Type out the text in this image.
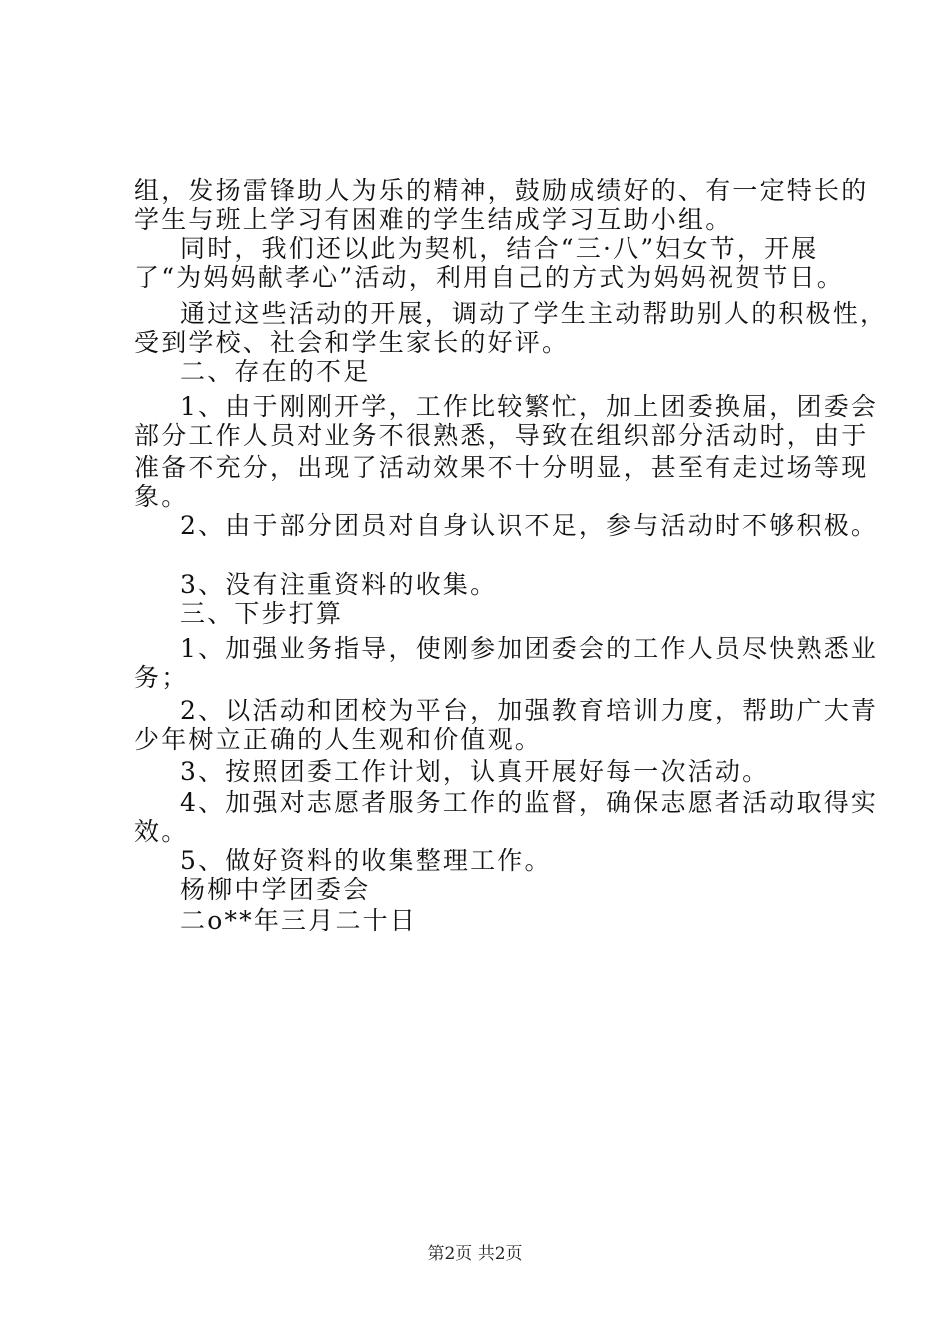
组，发扬雷锋助人为乐的精神，鼓励成绩好的、有一定特长的
学生与班上学习有困难的学生结成学习互助小组。
同时，我们还以此为契机，结合“三·八”妇女节，开展
了“为妈妈献孝心”活动，利用自己的方式为妈妈祝贺节日。
通过这些活动的开展，调动了学生主动帮助别人的积极性，
受到学校、社会和学生家长的好评。
二、存在的不足
1、由于刚刚开学，工作比较繁忙，加上团委换届，团委会
部分工作人员对业务不很熟悉，导致在组织部分活动时，由于
准备不充分，出现了活动效果不十分明显，甚至有走过场等现
象。
2、由于部分团员对自身认识不足，参与活动时不够积极。
3、没有注重资料的收集。
三、下步打算
1、加强业务指导，使刚参加团委会的工作人员尽快熟悉业
务；
2、以活动和团校为平台，加强教育培训力度，帮助广大青
少年树立正确的人生观和价值观。
3、按照团委工作计划，认真开展好每一次活动。
4、加强对志愿者服务工作的监督，确保志愿者活动取得实
效。
5、做好资料的收集整理工作。
杨柳中学团委会
二o**年三月二十日
第2页 共2页
